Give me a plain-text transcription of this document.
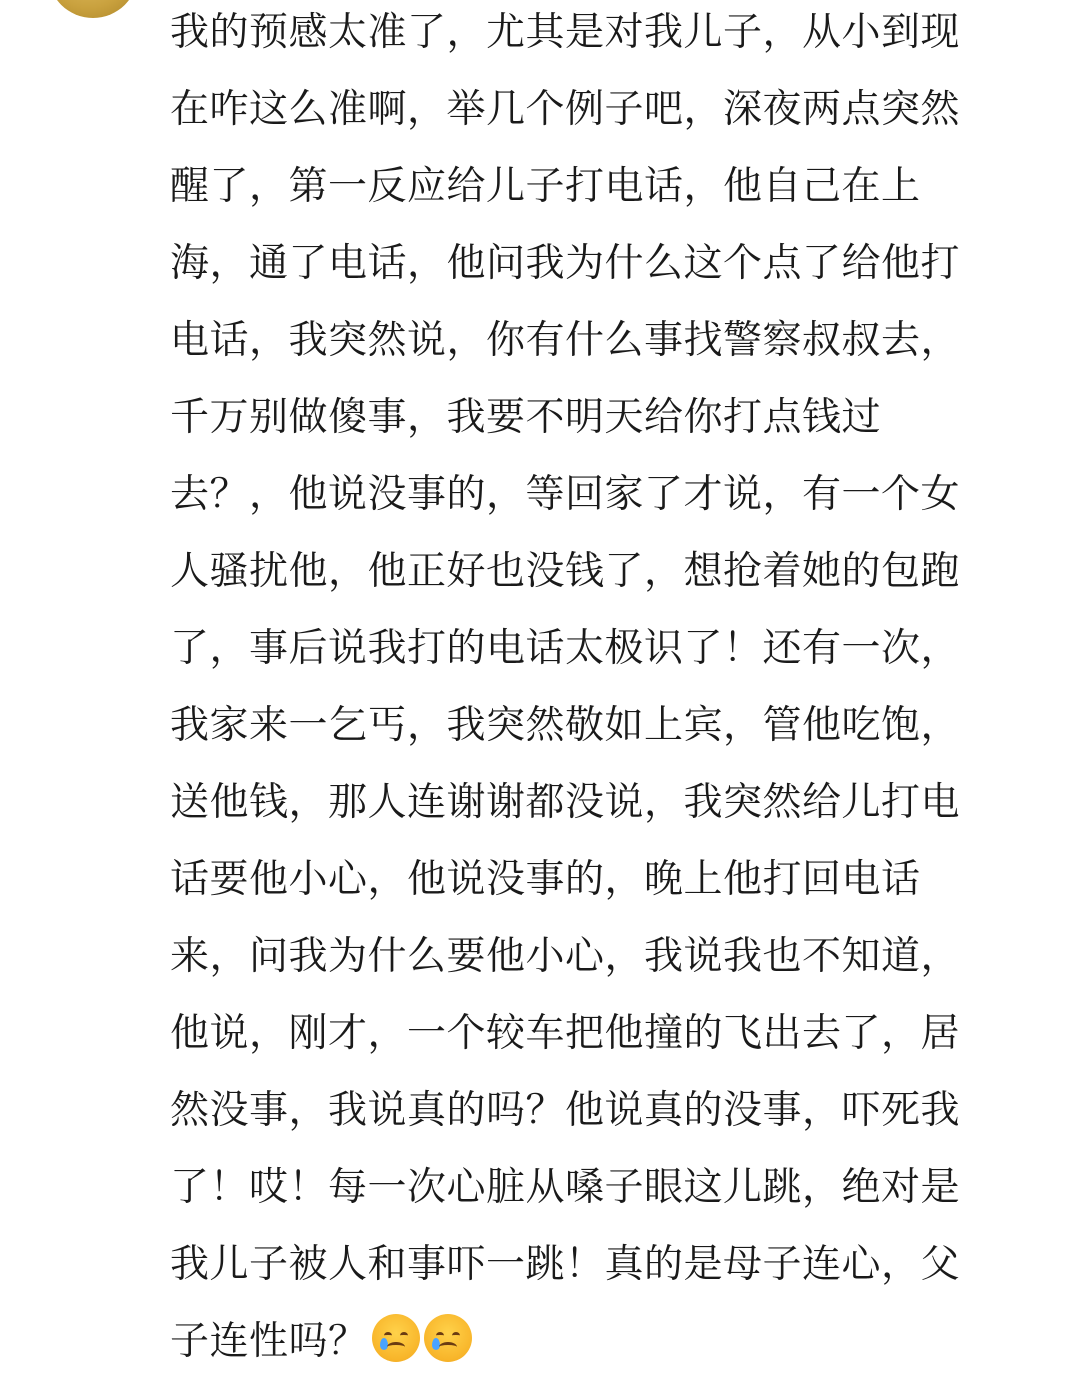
我的预感太准了，尤其是对我儿子，从小到现
在咋这么准啊，举几个例子吧，深夜两点突然
醒了，第一反应给儿子打电话，他自己在上
海，通了电话，他问我为什么这个点了给他打
电话，我突然说，你有什么事找警察叔叔去，
千万别做傻事，我要不明天给你打点钱过
去？，他说没事的，等回家了才说，有一个女
人骚扰他，他正好也没钱了，想抢着她的包跑
了，事后说我打的电话太极识了！还有一次，
我家来一乞丐，我突然敬如上宾，管他吃饱，
送他钱，那人连谢谢都没说，我突然给儿打电
话要他小心，他说没事的，晚上他打回电话
来，问我为什么要他小心，我说我也不知道，
他说，刚才，一个较车把他撞的飞出去了，居
然没事，我说真的吗？他说真的没事，吓死我
了！哎！每一次心脏从嗓子眼这儿跳，绝对是
我儿子被人和事吓一跳！真的是母子连心，父
子连性吗？
